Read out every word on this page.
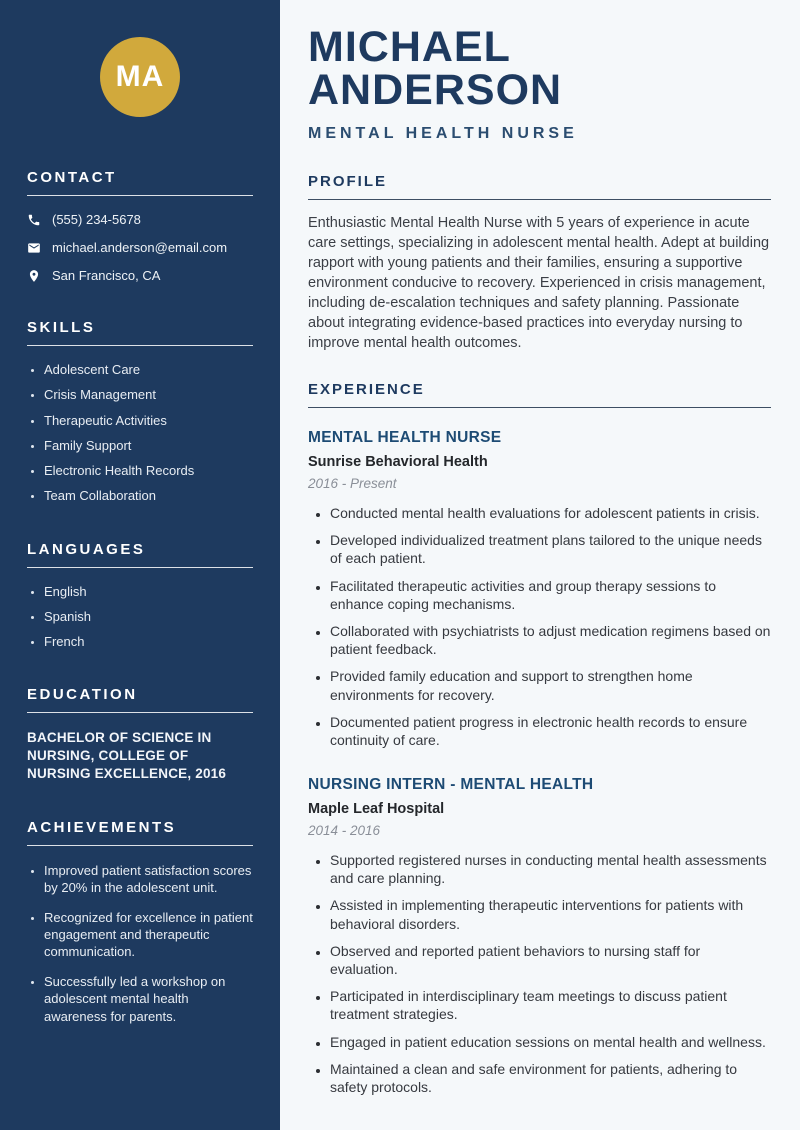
MA
CONTACT
(555) 234-5678
michael.anderson@email.com
San Francisco, CA
SKILLS
• Adolescent Care
• Crisis Management
• Therapeutic Activities
• Family Support
• Electronic Health Records
• Team Collaboration
LANGUAGES
• English
• Spanish
• French
EDUCATION

BACHELOR OF SCIENCE IN NURSING, COLLEGE OF NURSING EXCELLENCE, 2016

ACHIEVEMENTS
• Improved patient satisfaction scores by 20% in the adolescent unit.
• Recognized for excellence in patient engagement and therapeutic communication.
• Successfully led a workshop on adolescent mental health awareness for parents.
MICHAEL ANDERSON
MENTAL HEALTH NURSE
PROFILE

Enthusiastic Mental Health Nurse with 5 years of experience in acute care settings, specializing in adolescent mental health. Adept at building rapport with young patients and their families, ensuring a supportive environment conducive to recovery. Experienced in crisis management, including de-escalation techniques and safety planning. Passionate about integrating evidence-based practices into everyday nursing to improve mental health outcomes.

EXPERIENCE
MENTAL HEALTH NURSE
Sunrise Behavioral Health
2016 - Present
• Conducted mental health evaluations for adolescent patients in crisis.
• Developed individualized treatment plans tailored to the unique needs of each patient.
• Facilitated therapeutic activities and group therapy sessions to enhance coping mechanisms.
• Collaborated with psychiatrists to adjust medication regimens based on patient feedback.
• Provided family education and support to strengthen home environments for recovery.
• Documented patient progress in electronic health records to ensure continuity of care.
NURSING INTERN - MENTAL HEALTH
Maple Leaf Hospital
2014 - 2016
• Supported registered nurses in conducting mental health assessments and care planning.
• Assisted in implementing therapeutic interventions for patients with behavioral disorders.
• Observed and reported patient behaviors to nursing staff for evaluation.
• Participated in interdisciplinary team meetings to discuss patient treatment strategies.
• Engaged in patient education sessions on mental health and wellness.
• Maintained a clean and safe environment for patients, adhering to safety protocols.
